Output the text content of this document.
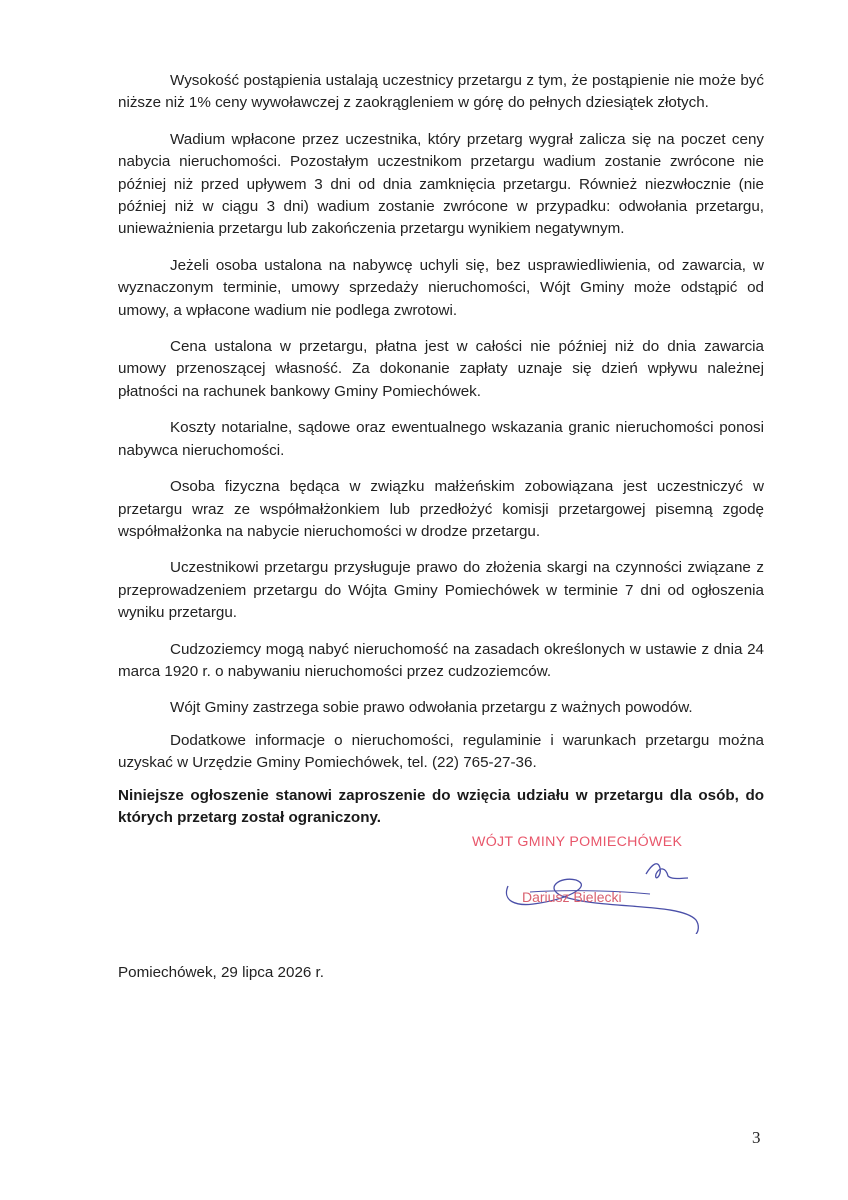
Wysokość postąpienia ustalają uczestnicy przetargu z tym, że postąpienie nie może być niższe niż 1% ceny wywoławczej z zaokrągleniem w górę do pełnych dziesiątek złotych.

Wadium wpłacone przez uczestnika, który przetarg wygrał zalicza się na poczet ceny nabycia nieruchomości. Pozostałym uczestnikom przetargu wadium zostanie zwrócone nie później niż przed upływem 3 dni od dnia zamknięcia przetargu. Również niezwłocznie (nie później niż w ciągu 3 dni) wadium zostanie zwrócone w przypadku: odwołania przetargu, unieważnienia przetargu lub zakończenia przetargu wynikiem negatywnym.

Jeżeli osoba ustalona na nabywcę uchyli się, bez usprawiedliwienia, od zawarcia, w wyznaczonym terminie, umowy sprzedaży nieruchomości, Wójt Gminy może odstąpić od umowy, a wpłacone wadium nie podlega zwrotowi.

Cena ustalona w przetargu, płatna jest w całości nie później niż do dnia zawarcia umowy przenoszącej własność. Za dokonanie zapłaty uznaje się dzień wpływu należnej płatności na rachunek bankowy Gminy Pomiechówek.

Koszty notarialne, sądowe oraz ewentualnego wskazania granic nieruchomości ponosi nabywca nieruchomości.

Osoba fizyczna będąca w związku małżeńskim zobowiązana jest uczestniczyć w przetargu wraz ze współmałżonkiem lub przedłożyć komisji przetargowej pisemną zgodę współmałżonka na nabycie nieruchomości w drodze przetargu.

Uczestnikowi przetargu przysługuje prawo do złożenia skargi na czynności związane z przeprowadzeniem przetargu do Wójta Gminy Pomiechówek w terminie 7 dni od ogłoszenia wyniku przetargu.

Cudzoziemcy mogą nabyć nieruchomość na zasadach określonych w ustawie z dnia 24 marca 1920 r. o nabywaniu nieruchomości przez cudzoziemców.

Wójt Gminy zastrzega sobie prawo odwołania przetargu z ważnych powodów.

Dodatkowe informacje o nieruchomości, regulaminie i warunkach przetargu można uzyskać w Urzędzie Gminy Pomiechówek, tel. (22) 765-27-36.

Niniejsze ogłoszenie stanowi zaproszenie do wzięcia udziału w przetargu dla osób, do których przetarg został ograniczony.

WÓJT GMINY POMIECHÓWEK
Dariusz Bielecki
Pomiechówek, 29 lipca 2026 r.
3
